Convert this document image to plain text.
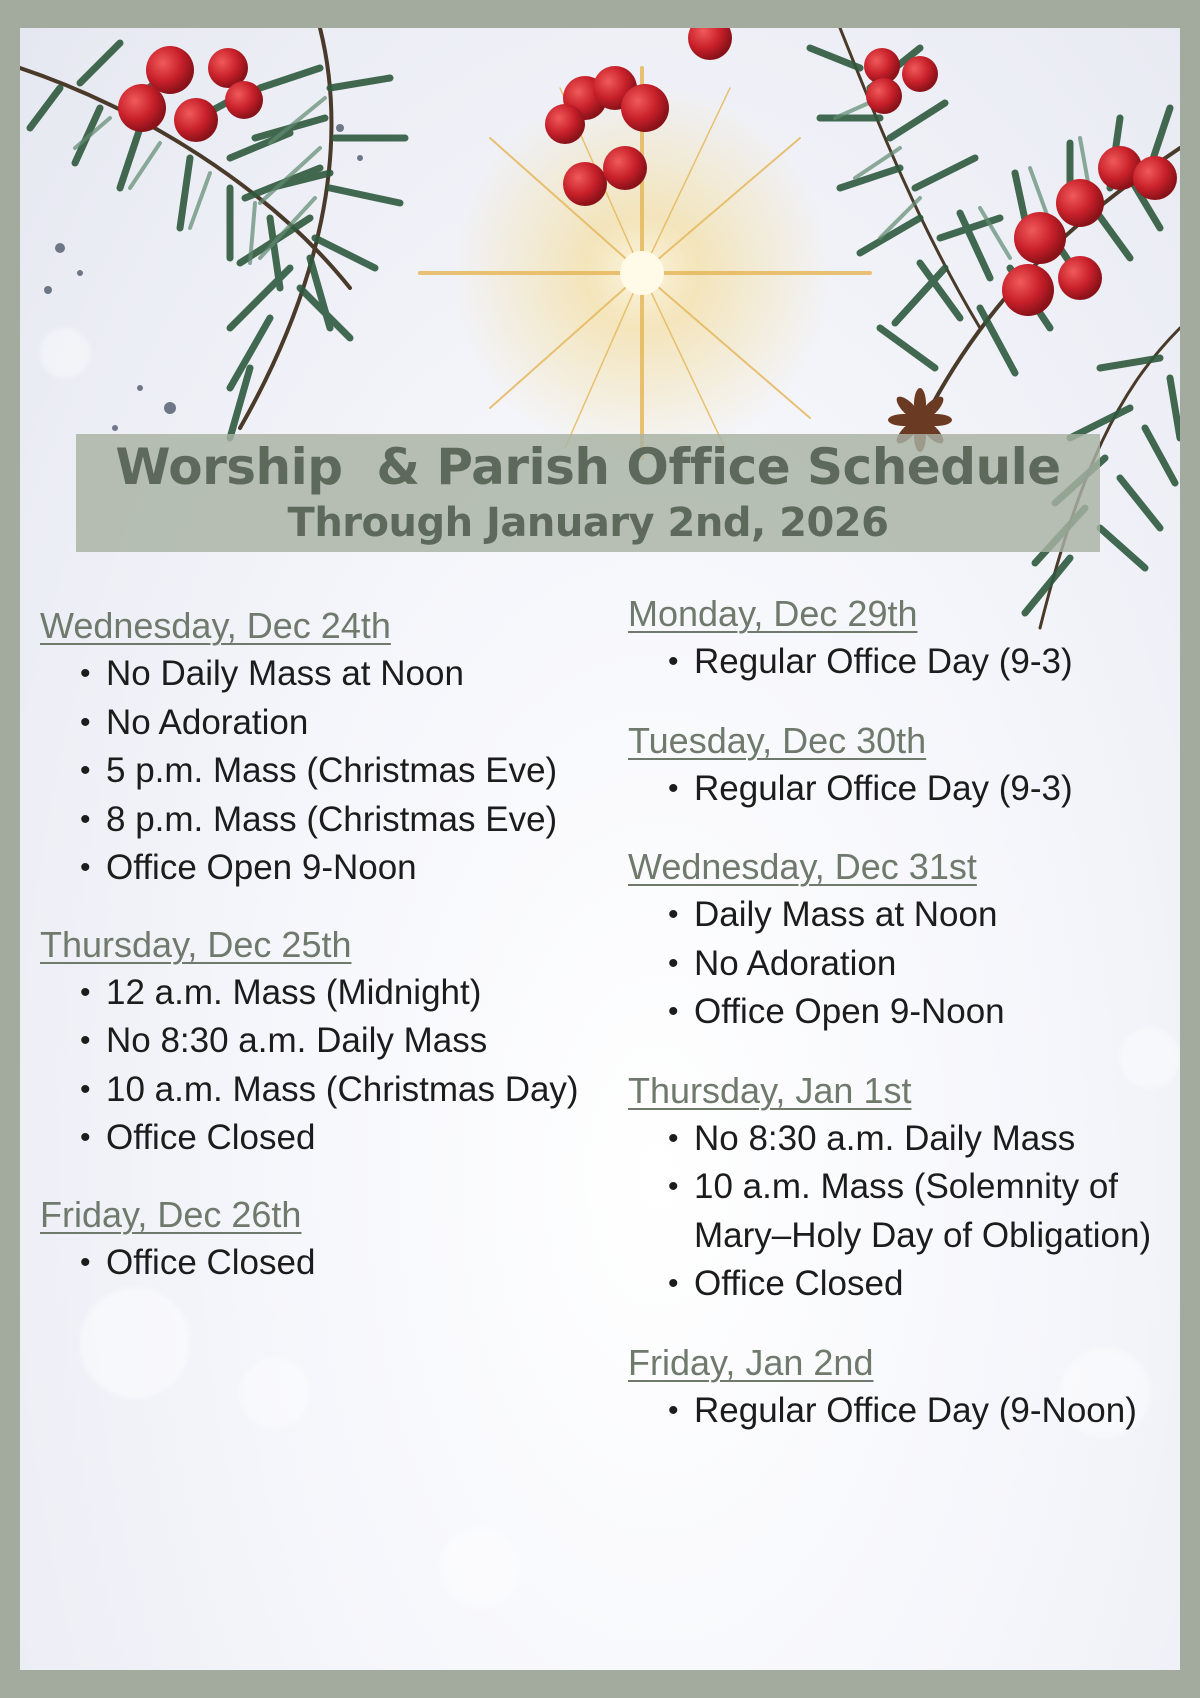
Worship  & Parish Office Schedule
Through January 2nd, 2026
Wednesday, Dec 24th
• No Daily Mass at Noon
• No Adoration
• 5 p.m. Mass (Christmas Eve)
• 8 p.m. Mass (Christmas Eve)
• Office Open 9-Noon
Thursday, Dec 25th
• 12 a.m. Mass (Midnight)
• No 8:30 a.m. Daily Mass
• 10 a.m. Mass (Christmas Day)
• Office Closed
Friday, Dec 26th
• Office Closed
Monday, Dec 29th
• Regular Office Day (9-3)
Tuesday, Dec 30th
• Regular Office Day (9-3)
Wednesday, Dec 31st
• Daily Mass at Noon
• No Adoration
• Office Open 9-Noon
Thursday, Jan 1st
• No 8:30 a.m. Daily Mass
• 10 a.m. Mass (Solemnity of Mary–Holy Day of Obligation)
• Office Closed
Friday, Jan 2nd
• Regular Office Day (9-Noon)
